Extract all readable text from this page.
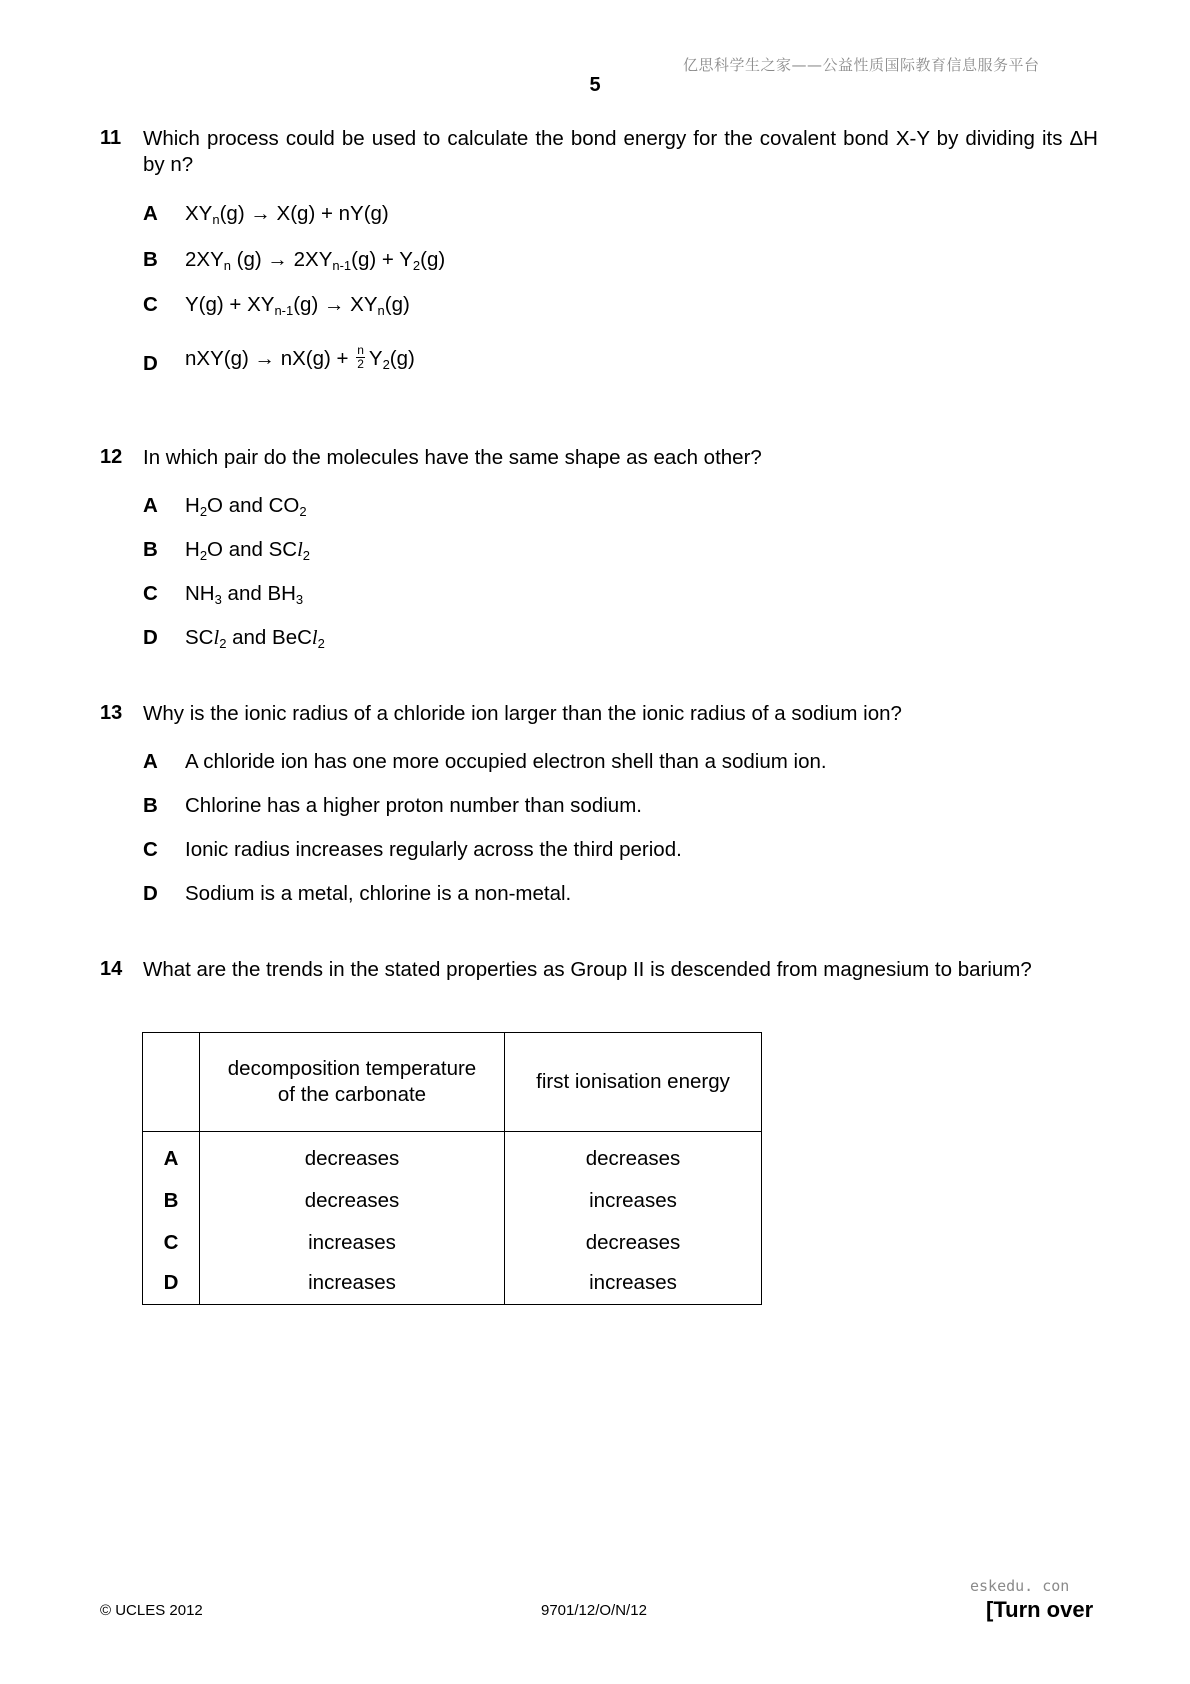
亿思科学生之家——公益性质国际教育信息服务平台
5
11 Which process could be used to calculate the bond energy for the covalent bond X-Y by dividing its ΔH by n?
A $XY_n(g) \to X(g) + nY(g)$
B $2XY_n$ $(g) \to 2XY_{n-1}(g) + Y_2(g)$
C $Y(g) + XY_{n-1}(g) \to XY_n(g)$
D $nXY(g) \to nX(g) + \frac{n}{2} Y_2(g)$
12 In which pair do the molecules have the same shape as each other?
A $H_2O$ and $CO_2$
B $H_2O$ and SCl$_2$
C $NH_3$ and $BH_3$
D SCl$_2$ and BeCl$_2$
13 Why is the ionic radius of a chloride ion larger than the ionic radius of a sodium ion?
A A chloride ion has one more occupied electron shell than a sodium ion.
B Chlorine has a higher proton number than sodium.
C Ionic radius increases regularly across the third period.
D Sodium is a metal, chlorine is a non-metal.
14 What are the trends in the stated properties as Group II is descended from magnesium to barium?
	decomposition temperature of the carbonate	first ionisation energy
A	decreases	decreases
B	decreases	increases
C	increases	decreases
D	increases	increases
eskedu. con
© UCLES 2012	9701/12/O/N/12	[Turn over
